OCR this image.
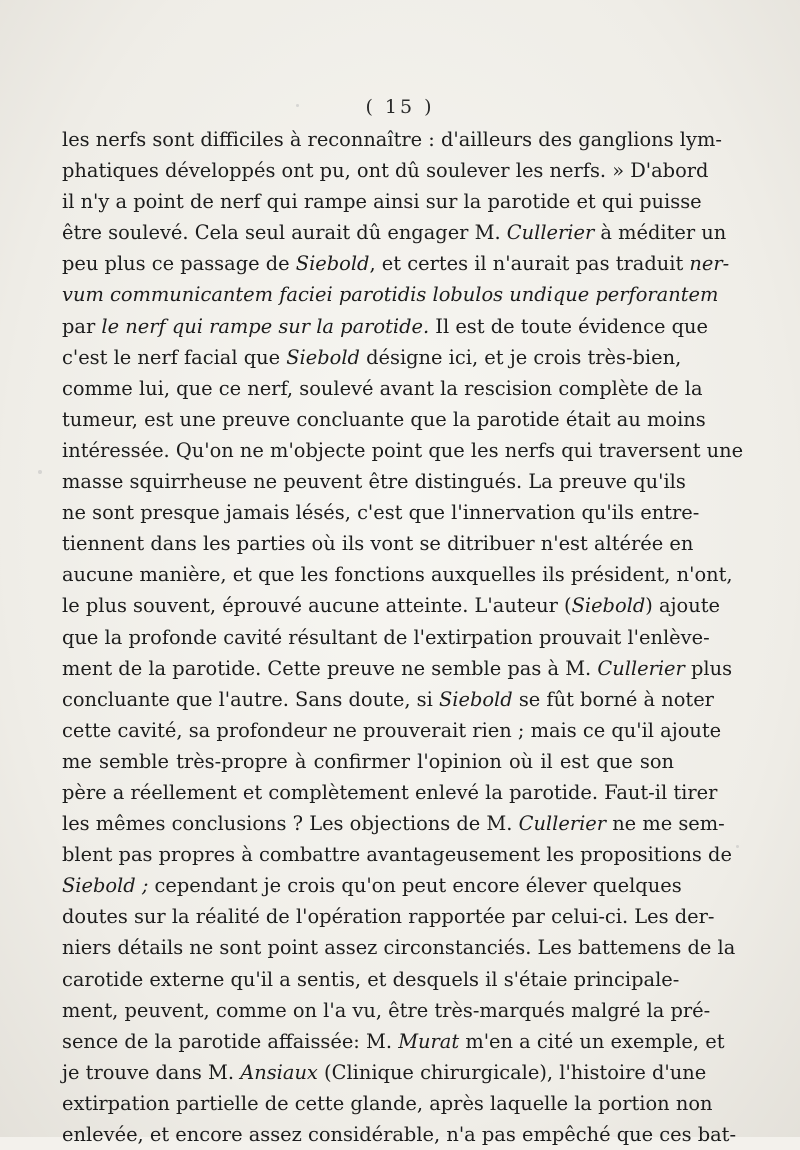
( 15 )
les nerfs sont difficiles à reconnaître : d'ailleurs des ganglions lym-
phatiques développés ont pu, ont dû soulever les nerfs. » D'abord
il n'y a point de nerf qui rampe ainsi sur la parotide et qui puisse
être soulevé. Cela seul aurait dû engager M. Cullerier à méditer un
peu plus ce passage de Siebold, et certes il n'aurait pas traduit ner-
vum communicantem faciei parotidis lobulos undique perforantem
par le nerf qui rampe sur la parotide. Il est de toute évidence que
c'est le nerf facial que Siebold désigne ici, et je crois très-bien,
comme lui, que ce nerf, soulevé avant la rescision complète de la
tumeur, est une preuve concluante que la parotide était au moins
intéressée. Qu'on ne m'objecte point que les nerfs qui traversent une
masse squirrheuse ne peuvent être distingués. La preuve qu'ils
ne sont presque jamais lésés, c'est que l'innervation qu'ils entre-
tiennent dans les parties où ils vont se ditribuer n'est altérée en
aucune manière, et que les fonctions auxquelles ils président, n'ont,
le plus souvent, éprouvé aucune atteinte. L'auteur (Siebold) ajoute
que la profonde cavité résultant de l'extirpation prouvait l'enlève-
ment de la parotide. Cette preuve ne semble pas à M. Cullerier plus
concluante que l'autre. Sans doute, si Siebold se fût borné à noter
cette cavité, sa profondeur ne prouverait rien ; mais ce qu'il ajoute
me semble très-propre à confirmer l'opinion où il est que son
père a réellement et complètement enlevé la parotide. Faut-il tirer
les mêmes conclusions ? Les objections de M. Cullerier ne me sem-
blent pas propres à combattre avantageusement les propositions de
Siebold ; cependant je crois qu'on peut encore élever quelques
doutes sur la réalité de l'opération rapportée par celui-ci. Les der-
niers détails ne sont point assez circonstanciés. Les battemens de la
carotide externe qu'il a sentis, et desquels il s'étaie principale-
ment, peuvent, comme on l'a vu, être très-marqués malgré la pré-
sence de la parotide affaissée: M. Murat m'en a cité un exemple, et
je trouve dans M. Ansiaux (Clinique chirurgicale), l'histoire d'une
extirpation partielle de cette glande, après laquelle la portion non
enlevée, et encore assez considérable, n'a pas empêché que ces bat-
